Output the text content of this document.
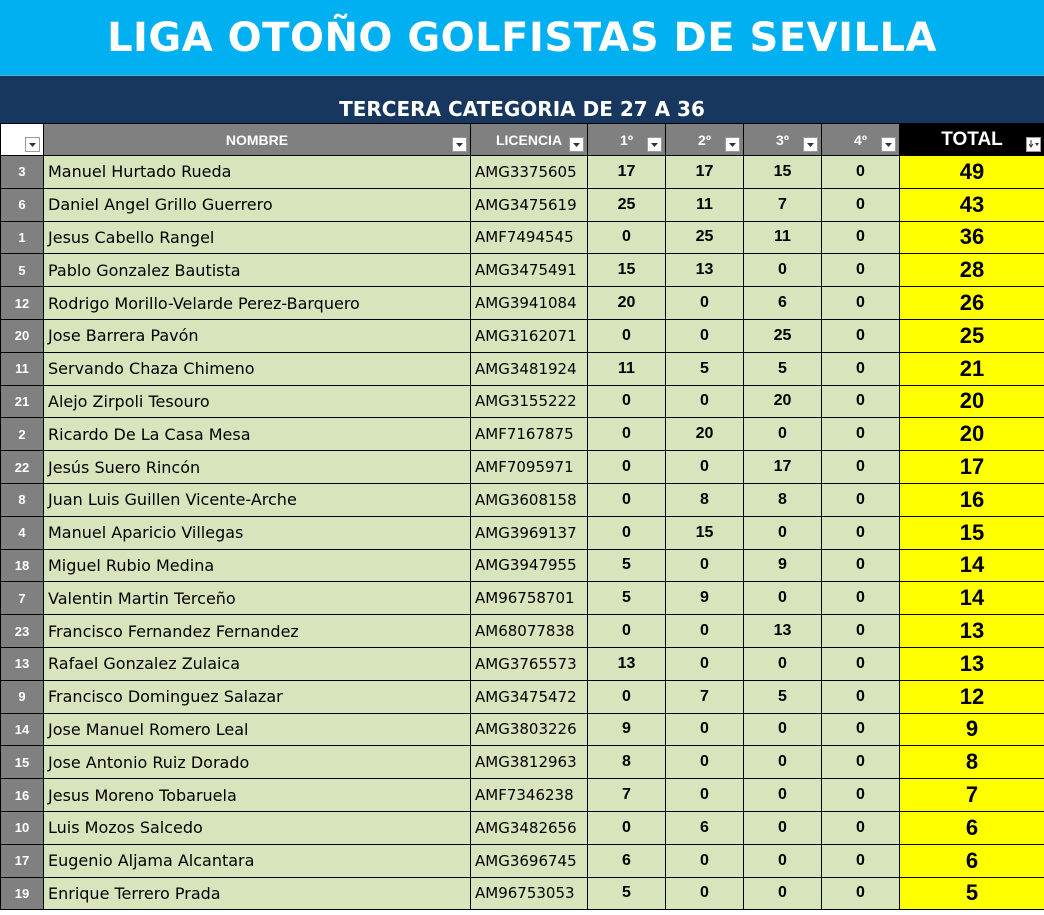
LIGA OTOÑO GOLFISTAS DE SEVILLA
TERCERA CATEGORIA DE 27 A 36
	NOMBRE	LICENCIA	1º	2º	3º	4º	TOTAL

3	Manuel Hurtado Rueda	AMG3375605	17	17	15	0	49
6	Daniel Angel Grillo Guerrero	AMG3475619	25	11	7	0	43
1	Jesus Cabello Rangel	AMF7494545	0	25	11	0	36
5	Pablo Gonzalez Bautista	AMG3475491	15	13	0	0	28
12	Rodrigo Morillo-Velarde Perez-Barquero	AMG3941084	20	0	6	0	26
20	Jose Barrera Pavón	AMG3162071	0	0	25	0	25
11	Servando Chaza Chimeno	AMG3481924	11	5	5	0	21
21	Alejo Zirpoli Tesouro	AMG3155222	0	0	20	0	20
2	Ricardo De La Casa Mesa	AMF7167875	0	20	0	0	20
22	Jesús Suero Rincón	AMF7095971	0	0	17	0	17
8	Juan Luis Guillen Vicente-Arche	AMG3608158	0	8	8	0	16
4	Manuel Aparicio Villegas	AMG3969137	0	15	0	0	15
18	Miguel Rubio Medina	AMG3947955	5	0	9	0	14
7	Valentin Martin Terceño	AM96758701	5	9	0	0	14
23	Francisco Fernandez Fernandez	AM68077838	0	0	13	0	13
13	Rafael Gonzalez Zulaica	AMG3765573	13	0	0	0	13
9	Francisco Dominguez Salazar	AMG3475472	0	7	5	0	12
14	Jose Manuel Romero Leal	AMG3803226	9	0	0	0	9
15	Jose Antonio Ruiz Dorado	AMG3812963	8	0	0	0	8
16	Jesus Moreno Tobaruela	AMF7346238	7	0	0	0	7
10	Luis Mozos Salcedo	AMG3482656	0	6	0	0	6
17	Eugenio Aljama Alcantara	AMG3696745	6	0	0	0	6
19	Enrique Terrero Prada	AM96753053	5	0	0	0	5
